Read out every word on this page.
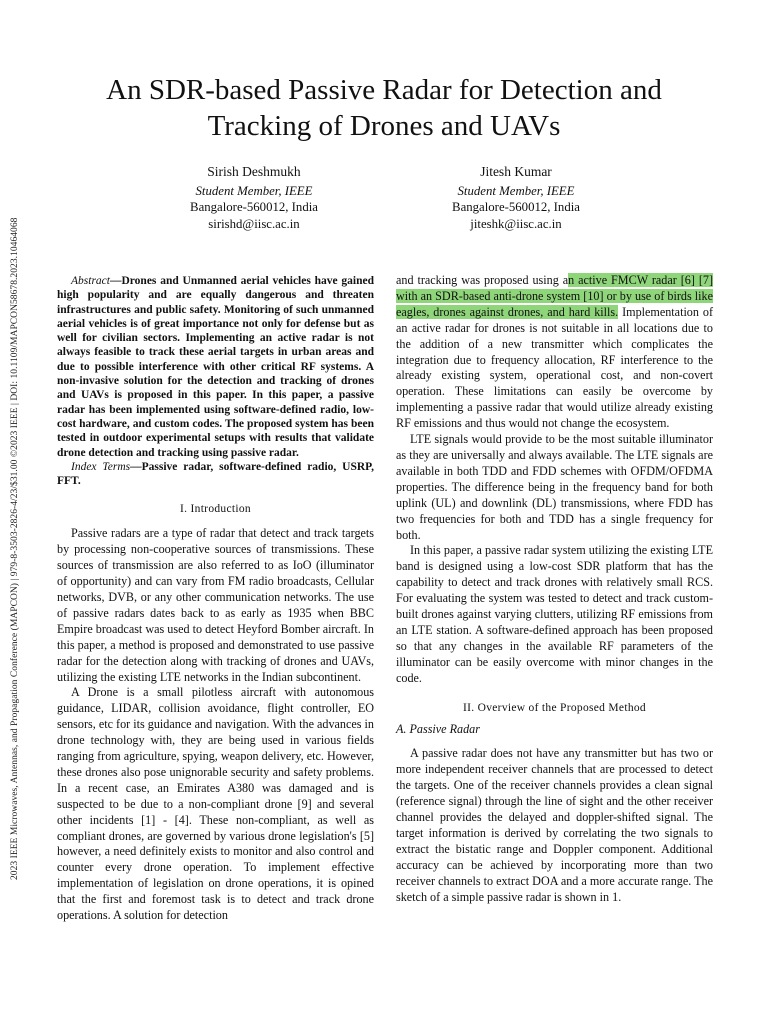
2023 IEEE Microwaves, Antennas, and Propagation Conference (MAPCON) | 979-8-3503-2826-4/23/$31.00 ©2023 IEEE | DOI: 10.1109/MAPCON58678.2023.10464068
An SDR-based Passive Radar for Detection and
Tracking of Drones and UAVs
Sirish Deshmukh
Student Member, IEEE
Bangalore-560012, India
sirishd@iisc.ac.in
Jitesh Kumar
Student Member, IEEE
Bangalore-560012, India
jiteshk@iisc.ac.in

Abstract—Drones and Unmanned aerial vehicles have gained high popularity and are equally dangerous and threaten infrastructures and public safety. Monitoring of such unmanned aerial vehicles is of great importance not only for defense but as well for civilian sectors. Implementing an active radar is not always feasible to track these aerial targets in urban areas and due to possible interference with other critical RF systems. A non-invasive solution for the detection and tracking of drones and UAVs is proposed in this paper. In this paper, a passive radar has been implemented using software-defined radio, low-cost hardware, and custom codes. The proposed system has been tested in outdoor experimental setups with results that validate drone detection and tracking using passive radar.

Index Terms—Passive radar, software-defined radio, USRP, FFT.

I. Introduction

Passive radars are a type of radar that detect and track targets by processing non-cooperative sources of transmissions. These sources of transmission are also referred to as IoO (illuminator of opportunity) and can vary from FM radio broadcasts, Cellular networks, DVB, or any other communication networks. The use of passive radars dates back to as early as 1935 when BBC Empire broadcast was used to detect Heyford Bomber aircraft. In this paper, a method is proposed and demonstrated to use passive radar for the detection along with tracking of drones and UAVs, utilizing the existing LTE networks in the Indian subcontinent.

A Drone is a small pilotless aircraft with autonomous guidance, LIDAR, collision avoidance, flight controller, EO sensors, etc for its guidance and navigation. With the advances in drone technology with, they are being used in various fields ranging from agriculture, spying, weapon delivery, etc. However, these drones also pose unignorable security and safety problems. In a recent case, an Emirates A380 was damaged and is suspected to be due to a non-compliant drone [9] and several other incidents [1] - [4]. These non-compliant, as well as compliant drones, are governed by various drone legislation's [5] however, a need definitely exists to monitor and also control and counter every drone operation. To implement effective implementation of legislation on drone operations, it is opined that the first and foremost task is to detect and track drone operations. A solution for detection

and tracking was proposed using an active FMCW radar [6] [7] with an SDR-based anti-drone system [10] or by use of birds like eagles, drones against drones, and hard kills. Implementation of an active radar for drones is not suitable in all locations due to the addition of a new transmitter which complicates the integration due to frequency allocation, RF interference to the already existing system, operational cost, and non-covert operation. These limitations can easily be overcome by implementing a passive radar that would utilize already existing RF emissions and thus would not change the ecosystem.

LTE signals would provide to be the most suitable illuminator as they are universally and always available. The LTE signals are available in both TDD and FDD schemes with OFDM/OFDMA properties. The difference being in the frequency band for both uplink (UL) and downlink (DL) transmissions, where FDD has two frequencies for both and TDD has a single frequency for both.

In this paper, a passive radar system utilizing the existing LTE band is designed using a low-cost SDR platform that has the capability to detect and track drones with relatively small RCS. For evaluating the system was tested to detect and track custom-built drones against varying clutters, utilizing RF emissions from an LTE station. A software-defined approach has been proposed so that any changes in the available RF parameters of the illuminator can be easily overcome with minor changes in the code.

II. Overview of the Proposed Method
A. Passive Radar

A passive radar does not have any transmitter but has two or more independent receiver channels that are processed to detect the targets. One of the receiver channels provides a clean signal (reference signal) through the line of sight and the other receiver channel provides the delayed and doppler-shifted signal. The target information is derived by correlating the two signals to extract the bistatic range and Doppler component. Additional accuracy can be achieved by incorporating more than two receiver channels to extract DOA and a more accurate range. The sketch of a simple passive radar is shown in 1.
